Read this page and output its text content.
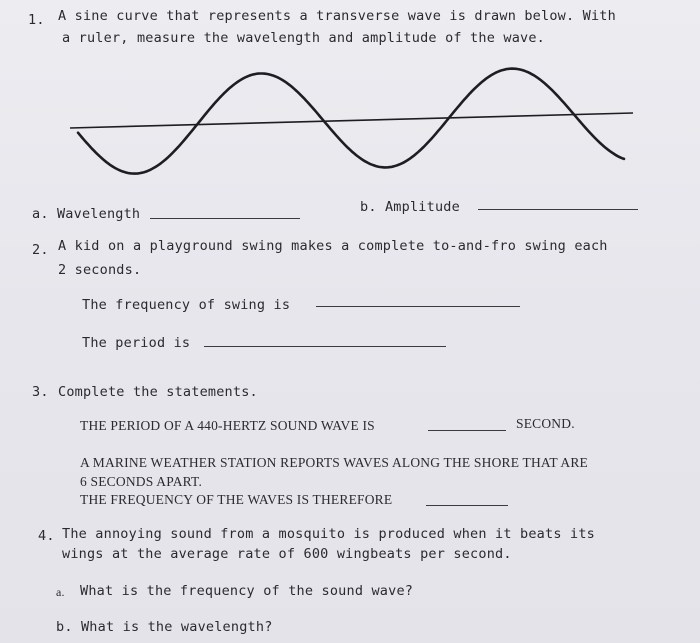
1. A sine curve that represents a transverse wave is drawn below. With
a ruler, measure the wavelength and amplitude of the wave.
a. Wavelength	b. Amplitude
2. A kid on a playground swing makes a complete to-and-fro swing each
2 seconds.
The frequency of swing is
The period is
3. Complete the statements.
THE PERIOD OF A 440-HERTZ SOUND WAVE IS	SECOND.
A MARINE WEATHER STATION REPORTS WAVES ALONG THE SHORE THAT ARE
6 SECONDS APART.
THE FREQUENCY OF THE WAVES IS THEREFORE
4. The annoying sound from a mosquito is produced when it beats its
wings at the average rate of 600 wingbeats per second.
a. What is the frequency of the sound wave?
b. What is the wavelength?
